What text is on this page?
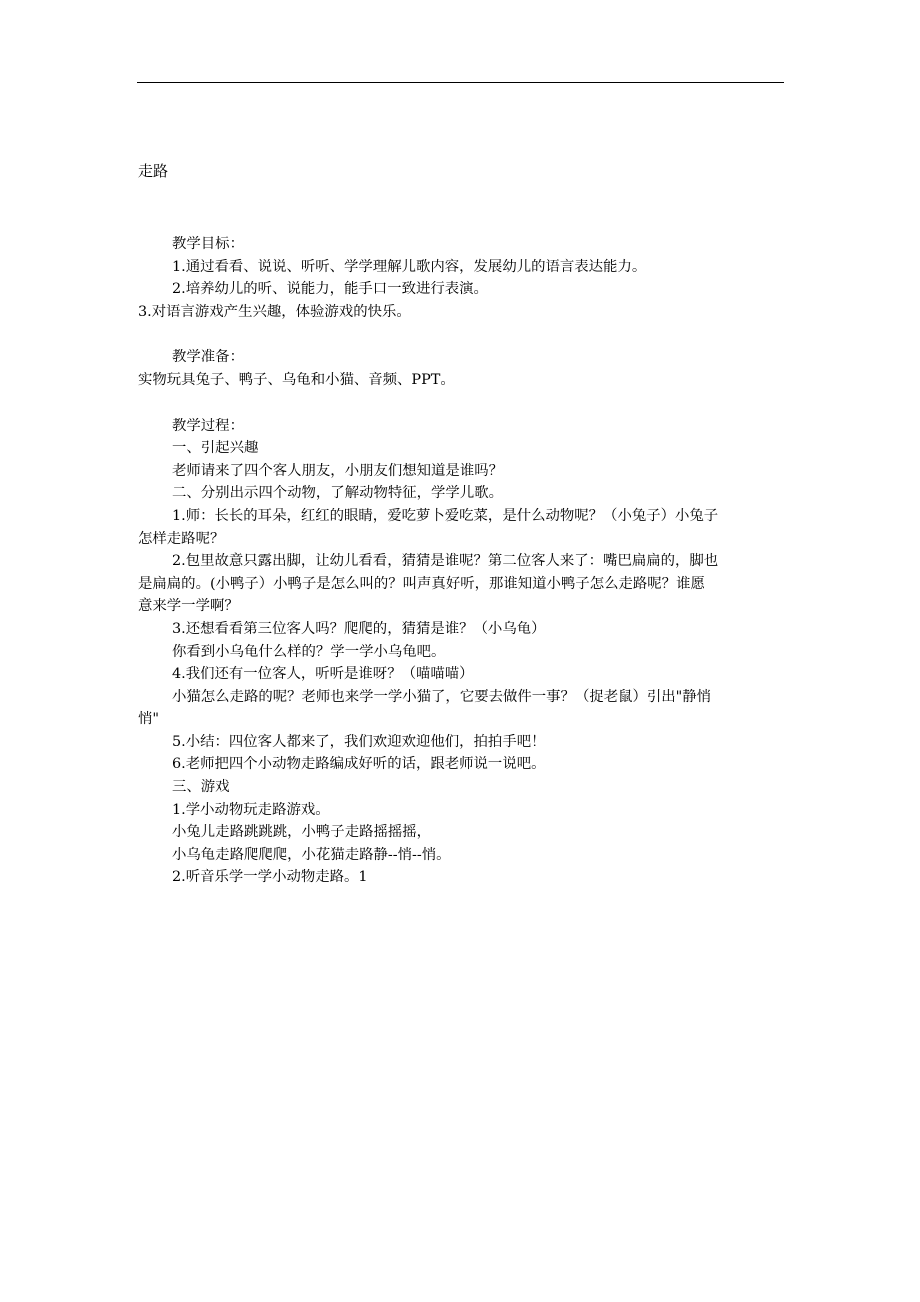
走路
教学目标：
1.通过看看、说说、听听、学学理解儿歌内容，发展幼儿的语言表达能力。
2.培养幼儿的听、说能力，能手口一致进行表演。
3.对语言游戏产生兴趣，体验游戏的快乐。
教学准备：
实物玩具兔子、鸭子、乌龟和小猫、音频、PPT。
教学过程：
一、引起兴趣
老师请来了四个客人朋友，小朋友们想知道是谁吗？
二、分别出示四个动物，了解动物特征，学学儿歌。
1.师：长长的耳朵，红红的眼睛，爱吃萝卜爱吃菜，是什么动物呢？（小兔子）小兔子
怎样走路呢？
2.包里故意只露出脚，让幼儿看看，猜猜是谁呢？第二位客人来了：嘴巴扁扁的，脚也
是扁扁的。(小鸭子）小鸭子是怎么叫的？叫声真好听，那谁知道小鸭子怎么走路呢？谁愿
意来学一学啊？
3.还想看看第三位客人吗？爬爬的，猜猜是谁？（小乌龟）
你看到小乌龟什么样的？学一学小乌龟吧。
4.我们还有一位客人，听听是谁呀？（喵喵喵）
小猫怎么走路的呢？老师也来学一学小猫了，它要去做件一事？（捉老鼠）引出"静悄
悄"
5.小结：四位客人都来了，我们欢迎欢迎他们，拍拍手吧！
6.老师把四个小动物走路编成好听的话，跟老师说一说吧。
三、游戏
1.学小动物玩走路游戏。
小兔儿走路跳跳跳，小鸭子走路摇摇摇，
小乌龟走路爬爬爬，小花猫走路静--悄--悄。
2.听音乐学一学小动物走路。1
